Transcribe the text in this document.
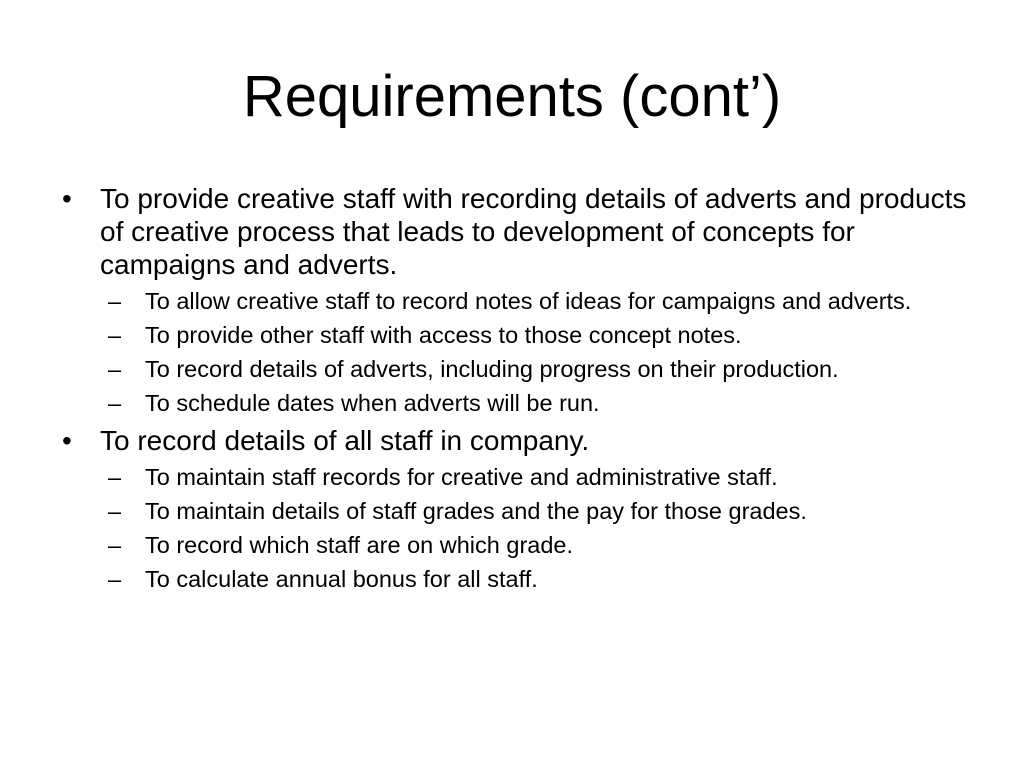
Requirements (cont’)
•	To provide creative staff with recording details of adverts and products of creative process that leads to development of concepts for campaigns and adverts.
–	To allow creative staff to record notes of ideas for campaigns and adverts.
–	To provide other staff with access to those concept notes.
–	To record details of adverts, including progress on their production.
–	To schedule dates when adverts will be run.
•	To record details of all staff in company.
–	To maintain staff records for creative and administrative staff.
–	To maintain details of staff grades and the pay for those grades.
–	To record which staff are on which grade.
–	To calculate annual bonus for all staff.
